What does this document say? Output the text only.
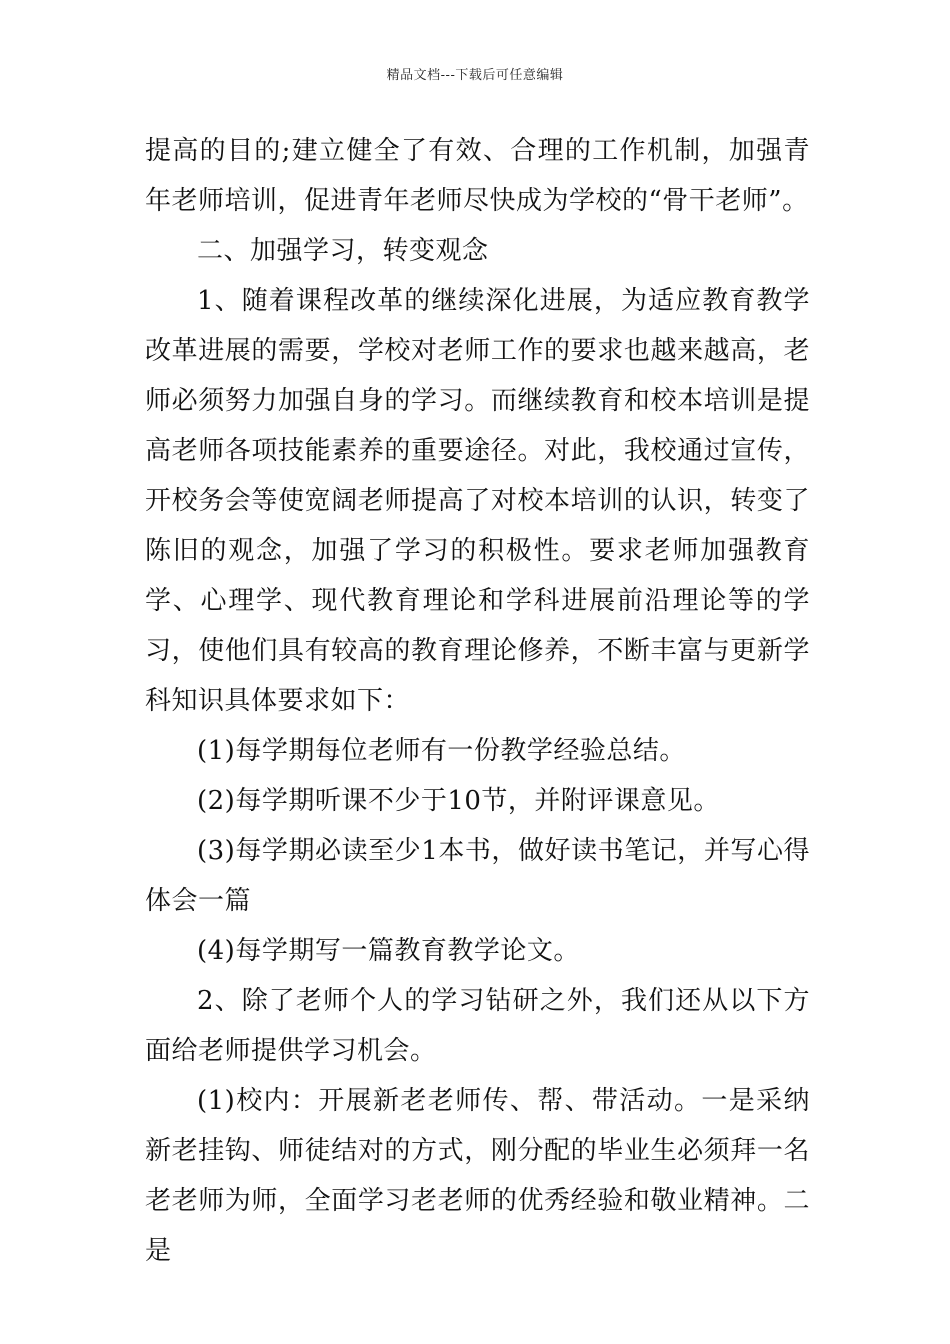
精品文档---下载后可任意编辑

提高的目的;建立健全了有效、合理的工作机制，加强青年老师培训，促进青年老师尽快成为学校的“骨干老师”。

二、加强学习，转变观念

1、随着课程改革的继续深化进展，为适应教育教学改革进展的需要，学校对老师工作的要求也越来越高，老师必须努力加强自身的学习。而继续教育和校本培训是提高老师各项技能素养的重要途径。对此，我校通过宣传，开校务会等使宽阔老师提高了对校本培训的认识，转变了陈旧的观念，加强了学习的积极性。要求老师加强教育学、心理学、现代教育理论和学科进展前沿理论等的学习，使他们具有较高的教育理论修养，不断丰富与更新学科知识具体要求如下：

(1)每学期每位老师有一份教学经验总结。

(2)每学期听课不少于10节，并附评课意见。

(3)每学期必读至少1本书，做好读书笔记，并写心得体会一篇

(4)每学期写一篇教育教学论文。

2、除了老师个人的学习钻研之外，我们还从以下方面给老师提供学习机会。

(1)校内：开展新老老师传、帮、带活动。一是采纳新老挂钩、师徒结对的方式，刚分配的毕业生必须拜一名老老师为师，全面学习老老师的优秀经验和敬业精神。二是
